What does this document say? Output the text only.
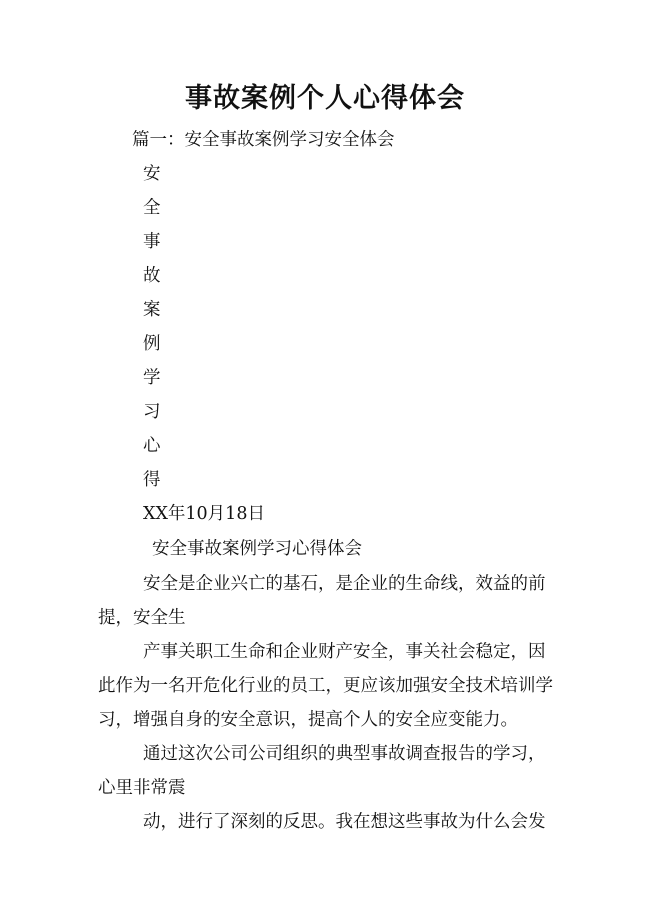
事故案例个人心得体会
篇一：安全事故案例学习安全体会
安
全
事
故
案
例
学
习
心
得
XX年10月18日
安全事故案例学习心得体会
安全是企业兴亡的基石，是企业的生命线，效益的前
提，安全生
产事关职工生命和企业财产安全，事关社会稳定，因
此作为一名开危化行业的员工，更应该加强安全技术培训学
习，增强自身的安全意识，提高个人的安全应变能力。
通过这次公司公司组织的典型事故调查报告的学习，
心里非常震
动，进行了深刻的反思。我在想这些事故为什么会发
